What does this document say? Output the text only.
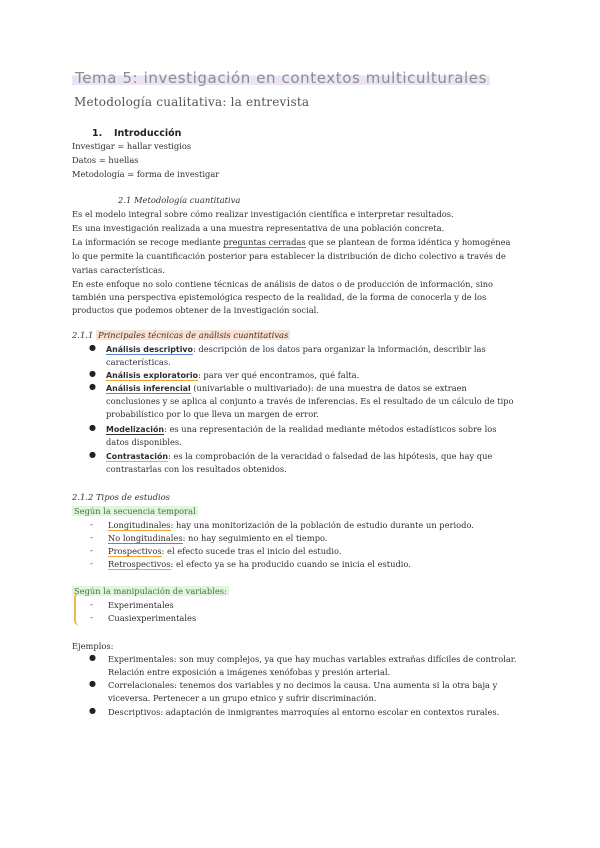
Tema 5: investigación en contextos multiculturales
Metodología cualitativa: la entrevista
1. Introducción
Investigar = hallar vestigios
Datos = huellas
Metodología = forma de investigar
2.1 Metodología cuantitativa
Es el modelo integral sobre cómo realizar investigación científica e interpretar resultados.
Es una investigación realizada a una muestra representativa de una población concreta.
La información se recoge mediante preguntas cerradas que se plantean de forma idéntica y homogénea
lo que permite la cuantificación posterior para establecer la distribución de dicho colectivo a través de
varias características.
En este enfoque no solo contiene técnicas de análisis de datos o de producción de información, sino
también una perspectiva epistemológica respecto de la realidad, de la forma de conocerla y de los
productos que podemos obtener de la investigación social.
2.1.1 Principales técnicas de análisis cuantitativas
● Análisis descriptivo: descripción de los datos para organizar la información, describir las
características.
● Análisis exploratorio: para ver qué encontramos, qué falta.
● Análisis inferencial (univariable o multivariado): de una muestra de datos se extraen
conclusiones y se aplica al conjunto a través de inferencias. Es el resultado de un cálculo de tipo
probabilístico por lo que lleva un margen de error.
● Modelización: es una representación de la realidad mediante métodos estadísticos sobre los
datos disponibles.
● Contrastación: es la comprobación de la veracidad o falsedad de las hipótesis, que hay que
contrastarlas con los resultados obtenidos.
2.1.2 Tipos de estudios
Según la secuencia temporal
- Longitudinales: hay una monitorización de la población de estudio durante un periodo.
- No longitudinales: no hay seguimiento en el tiempo.
- Prospectivos: el efecto sucede tras el inicio del estudio.
- Retrospectivos: el efecto ya se ha producido cuando se inicia el estudio.
Según la manipulación de variables:
- Experimentales
- Cuasiexperimentales
Ejemplos:
● Experimentales: son muy complejos, ya que hay muchas variables extrañas difíciles de controlar.
Relación entre exposición a imágenes xenófobas y presión arterial.
● Correlacionales: tenemos dos variables y no decimos la causa. Una aumenta si la otra baja y
viceversa. Pertenecer a un grupo etnico y sufrir discriminación.
● Descriptivos: adaptación de inmigrantes marroquíes al entorno escolar en contextos rurales.
